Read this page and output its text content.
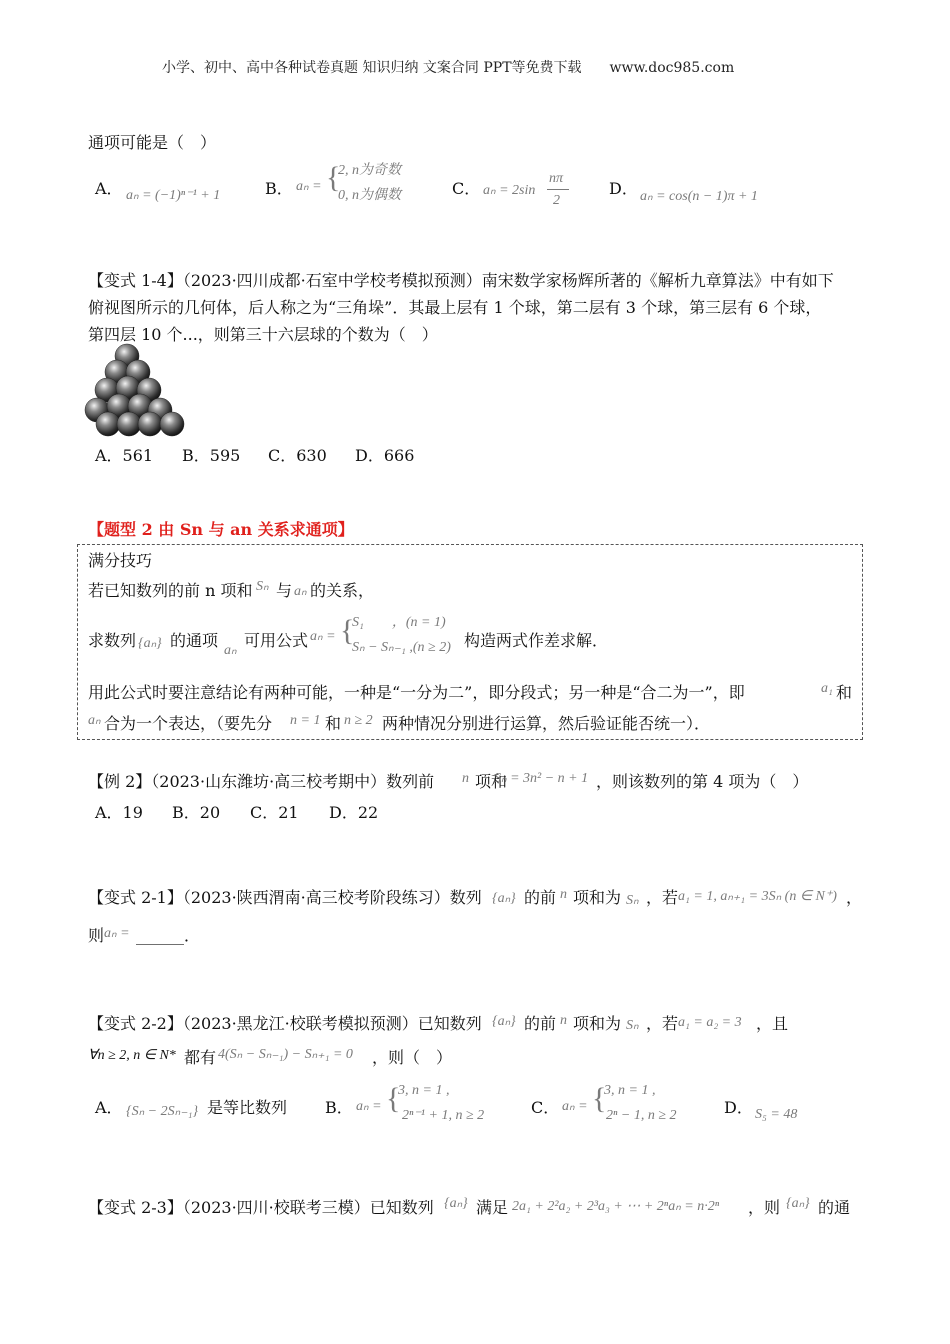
小学、初中、高中各种试卷真题 知识归纳 文案合同 PPT等免费下载　　www.doc985.com
通项可能是（　）
A． aₙ = (−1)ⁿ⁻¹ + 1	B． aₙ = {
2, n为奇数
0, n为偶数	C． aₙ = 2sin
nπ
2
D． aₙ = cos(n − 1)π + 1
【变式 1-4】（2023·四川成都·石室中学校考模拟预测）南宋数学家杨辉所著的《解析九章算法》中有如下
俯视图所示的几何体，后人称之为“三角垛”．其最上层有 1 个球，第二层有 3 个球，第三层有 6 个球，
第四层 10 个...，则第三十六层球的个数为（　）
A．561 B．595 C．630 D．666
【题型 2 由 Sn 与 an 关系求通项】
满分技巧
若已知数列的前 n 项和 Sₙ 与 aₙ 的关系，
求数列 {aₙ} 的通项
aₙ
可用公式 aₙ = {
S₁　　，(n = 1)
Sₙ − Sₙ₋₁ ,(n ≥ 2) 构造两式作差求解．
用此公式时要注意结论有两种可能，一种是“一分为二”，即分段式；另一种是“合二为一”，即	a₁ 和
aₙ 合为一个表达，（要先分 n = 1 和 n ≥ 2 两种情况分别进行运算，然后验证能否统一）．
【例 2】（2023·山东潍坊·高三校考期中）数列前 n 项和
Sₙ = 3n² − n + 1 ，则该数列的第 4 项为（　）
A．19 B．20 C．21 D．22
【变式 2-1】（2023·陕西渭南·高三校考阶段练习）数列 {aₙ} 的前 n 项和为 Sₙ ，若 a₁ = 1, aₙ₊₁ = 3Sₙ (n ∈ N⁺) ，
则 aₙ = ______．
【变式 2-2】（2023·黑龙江·校联考模拟预测）已知数列 {aₙ} 的前 n 项和为 Sₙ ，若 a₁ = a₂ = 3 ，且
∀n ≥ 2, n ∈ N* 都有 4(Sₙ − Sₙ₋₁) − Sₙ₊₁ = 0 ，则（　）
A． {Sₙ − 2Sₙ₋₁} 是等比数列 B． aₙ = {
3, n = 1 ,
2ⁿ⁻¹ + 1, n ≥ 2	C． aₙ = {
3, n = 1 ,
2ⁿ − 1, n ≥ 2	D． S₅ = 48
【变式 2-3】（2023·四川·校联考三模）已知数列 {aₙ} 满足 2a₁ + 2²a₂ + 2³a₃ + ⋯ + 2ⁿaₙ = n·2ⁿ ，则 {aₙ} 的通
